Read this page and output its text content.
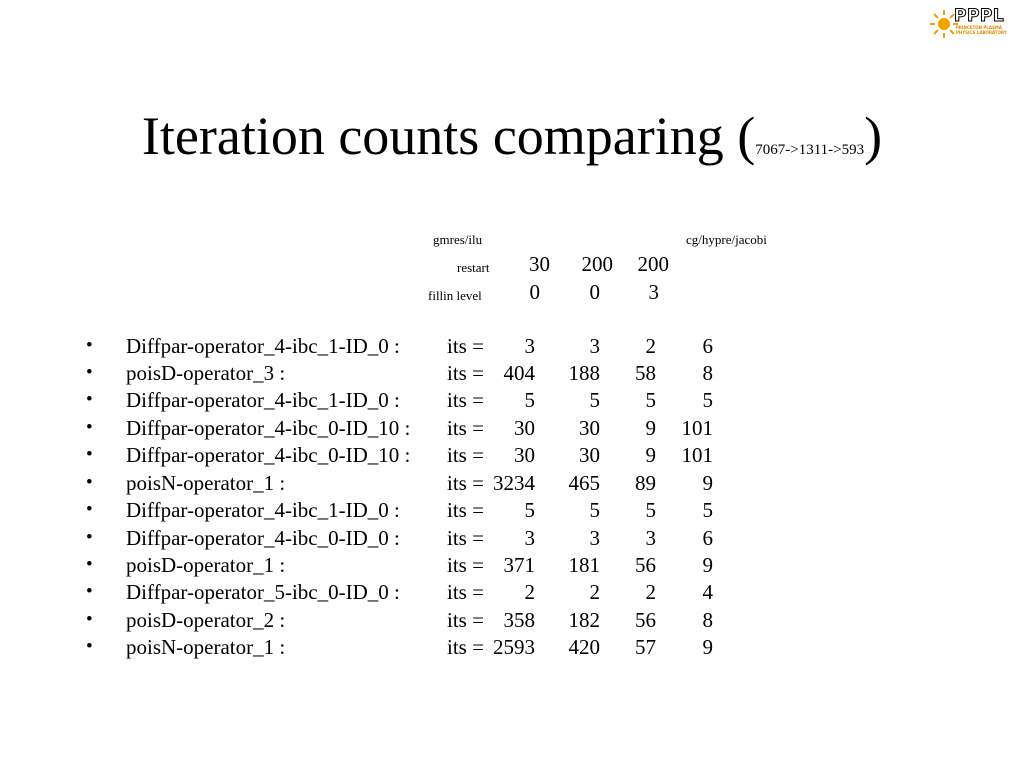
PPPL
PRINCETON PLASMA PHYSICS LABORATORY
Iteration counts comparing (7067->1311->593)
gmres/ilu	cg/hypre/jacobi
restart 30 200 200
fillin level 0 0 3
• Diffpar-operator_4-ibc_1-ID_0 : its = 3	3 2 6
• poisD-operator_3 :	its = 404 188 58 8
• Diffpar-operator_4-ibc_1-ID_0 : its = 5	5 5 5
• Diffpar-operator_4-ibc_0-ID_10 : its = 30 30 9 101
• Diffpar-operator_4-ibc_0-ID_10 : its = 30 30 9 101
• poisN-operator_1 :	its = 3234 465 89 9
• Diffpar-operator_4-ibc_1-ID_0 : its = 5	5 5 5
• Diffpar-operator_4-ibc_0-ID_0 : its = 3	3 3 6
• poisD-operator_1 :	its = 371 181 56 9
• Diffpar-operator_5-ibc_0-ID_0 : its = 2	2 2 4
• poisD-operator_2 :	its = 358 182 56 8
• poisN-operator_1 :	its = 2593 420 57 9
